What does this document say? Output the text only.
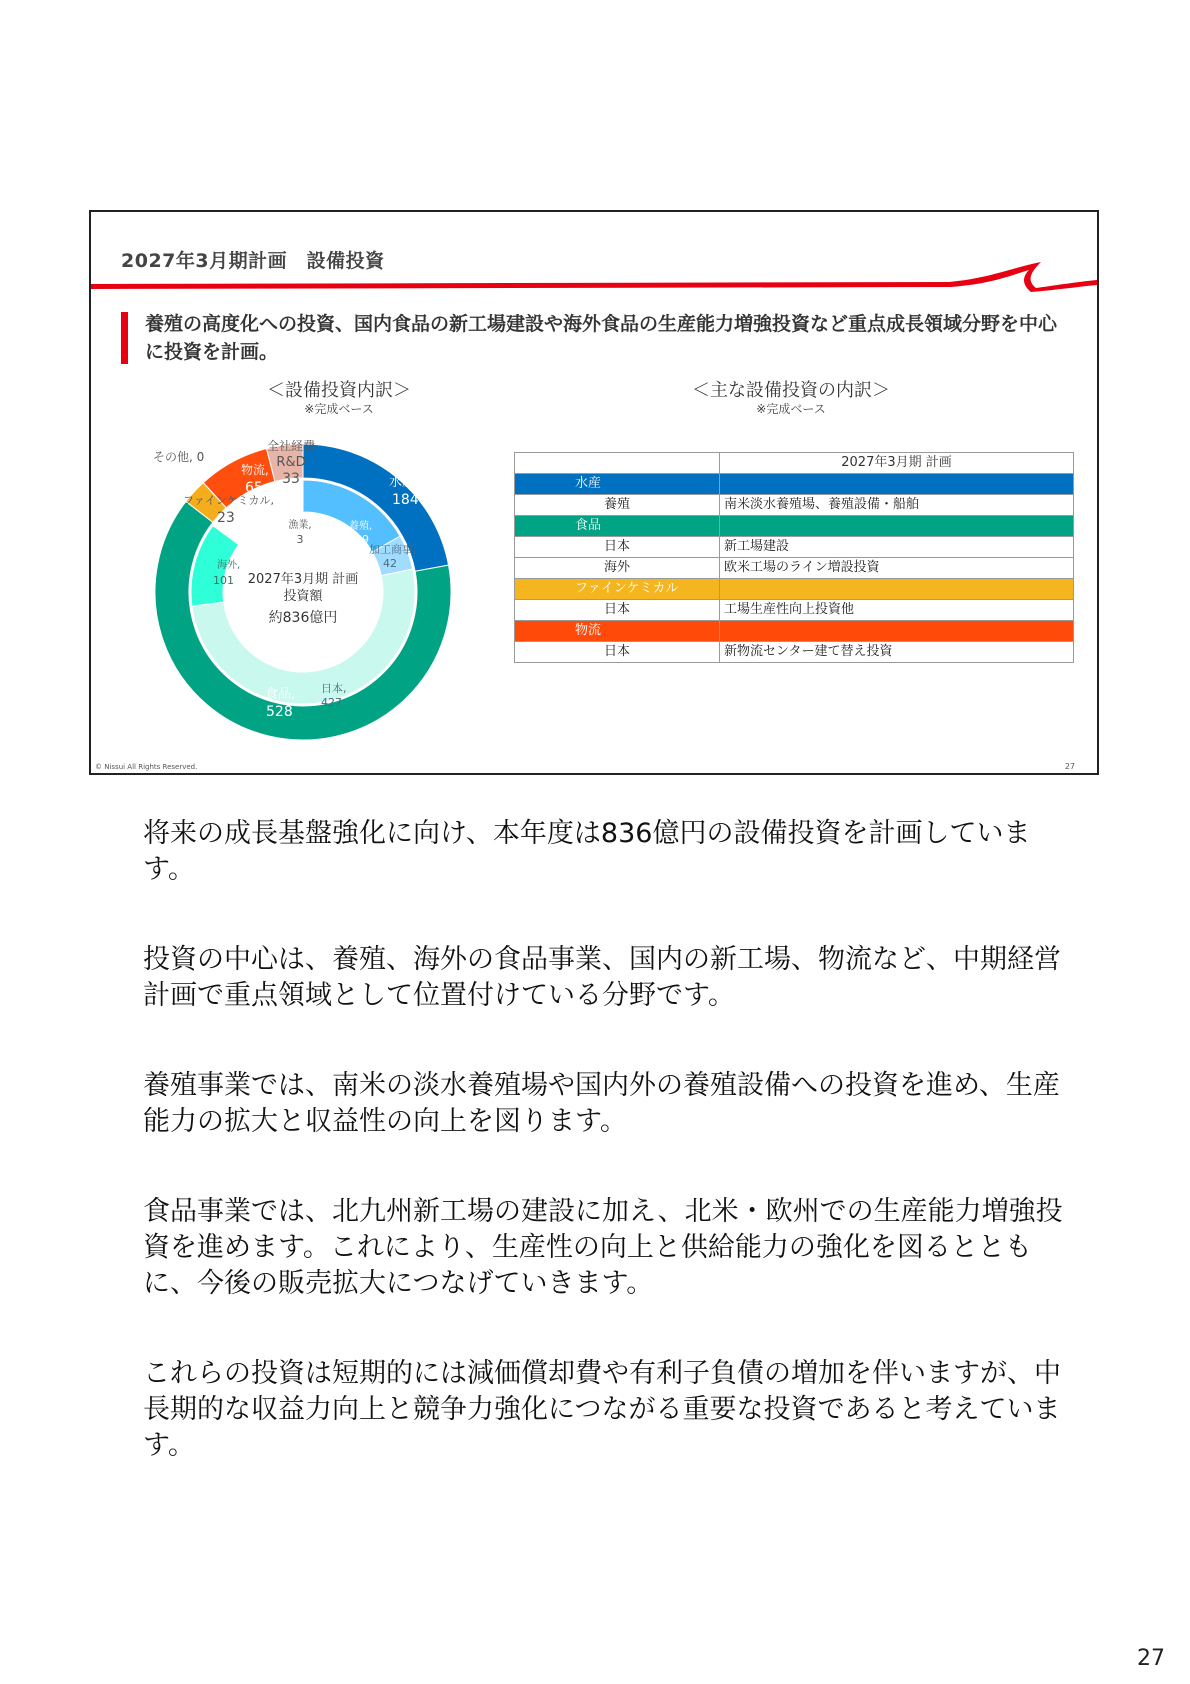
2027年3月期計画　設備投資
養殖の高度化への投資、国内食品の新工場建設や海外食品の生産能力増強投資など重点成長領域分野を中心に投資を計画。
＜設備投資内訳＞
※完成ベース
＜主な設備投資の内訳＞
※完成ベース
2027年3月期 計画
投資額
約836億円
水産,
184
食品,
528
ファインケミカル,
23
物流,
65
全社経費
R&D
33
その他, 0
養殖,
139
加工商事,
42
日本,
427
海外,
101
漁業,
3
	2027年3月期 計画
水産	
養殖	南米淡水養殖場、養殖設備・船舶
食品	
日本	新工場建設
海外	欧米工場のライン増設投資
ファインケミカル	
日本	工場生産性向上投資他
物流	
日本	新物流センター建て替え投資
© Nissui All Rights Reserved.	27

将来の成長基盤強化に向け、本年度は836億円の設備投資を計画しています。

投資の中心は、養殖、海外の食品事業、国内の新工場、物流など、中期経営計画で重点領域として位置付けている分野です。

養殖事業では、南米の淡水養殖場や国内外の養殖設備への投資を進め、生産能力の拡大と収益性の向上を図ります。

食品事業では、北九州新工場の建設に加え、北米・欧州での生産能力増強投資を進めます。これにより、生産性の向上と供給能力の強化を図るとともに、今後の販売拡大につなげていきます。

これらの投資は短期的には減価償却費や有利子負債の増加を伴いますが、中長期的な収益力向上と競争力強化につながる重要な投資であると考えています。

27
